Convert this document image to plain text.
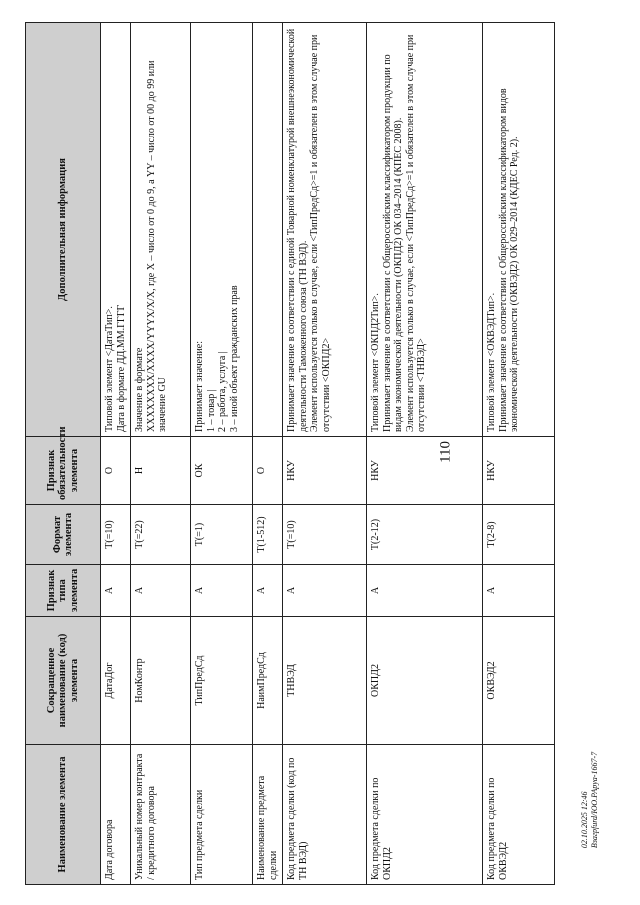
110
02.10.2025 12:46 Взагрfurd/ЮО.РАpуа-1667-7
Наименование элемента	Сокращенное наименование (код) элемента	Признак типа элемента	Формат элемента	Признак обязательности элемента	Дополнительная информация
Дата договора	ДатаДог	А	T(=10)	О	Типовой элемент <ДатаТип>. Дата в формате ДД.ММ.ГГГГ

Уникальный номер контракта / кредитного договора	НомКонтр	А	T(=22)	Н	Значение в формате XXXXXXXX/XXXX/YYYX/X/X, где X – число от 0 до 9, а YY – число от 00 до 99 или значение GU

Тип предмета сделки	ТипПредСд	А	T(=1)	ОК	Принимает значение: 1 – товар | 2 – работа, услуга | 3 – иной объект гражданских прав

Наименование предмета сделки	НаимПредСд	А	T(1-512)	О	
Код предмета сделки (код по ТН ВЭД)	ТНВЭД	А	T(=10)	НКУ	Принимает значение в соответствии с единой Товарной номенклатурой внешнеэкономической деятельности Таможенного союза (ТН ВЭД). Элемент используется только в случае, если <ТипПредСд>=1 и обязателен в этом случае при отсутствии <ОКПД2>

Код предмета сделки по ОКПД2	ОКПД2	А	T(2-12)	НКУ	Типовой элемент <ОКПД2Тип>. Принимает значение в соответствии с Общероссийским классификатором продукции по видам экономической деятельности (ОКПД2) ОК 034–2014 (КПЕС 2008). Элемент используется только в случае, если <ТипПредСд>=1 и обязателен в этом случае при отсутствии <ТНВЭД>

Код предмета сделки по ОКВЭД2	ОКВЭД2	А	T(2-8)	НКУ	Типовой элемент <ОКВЭДТип>. Принимает значение в соответствии с Общероссийским классификатором видов экономической деятельности (ОКВЭД2) ОК 029–2014 (КДЕС Ред. 2).
